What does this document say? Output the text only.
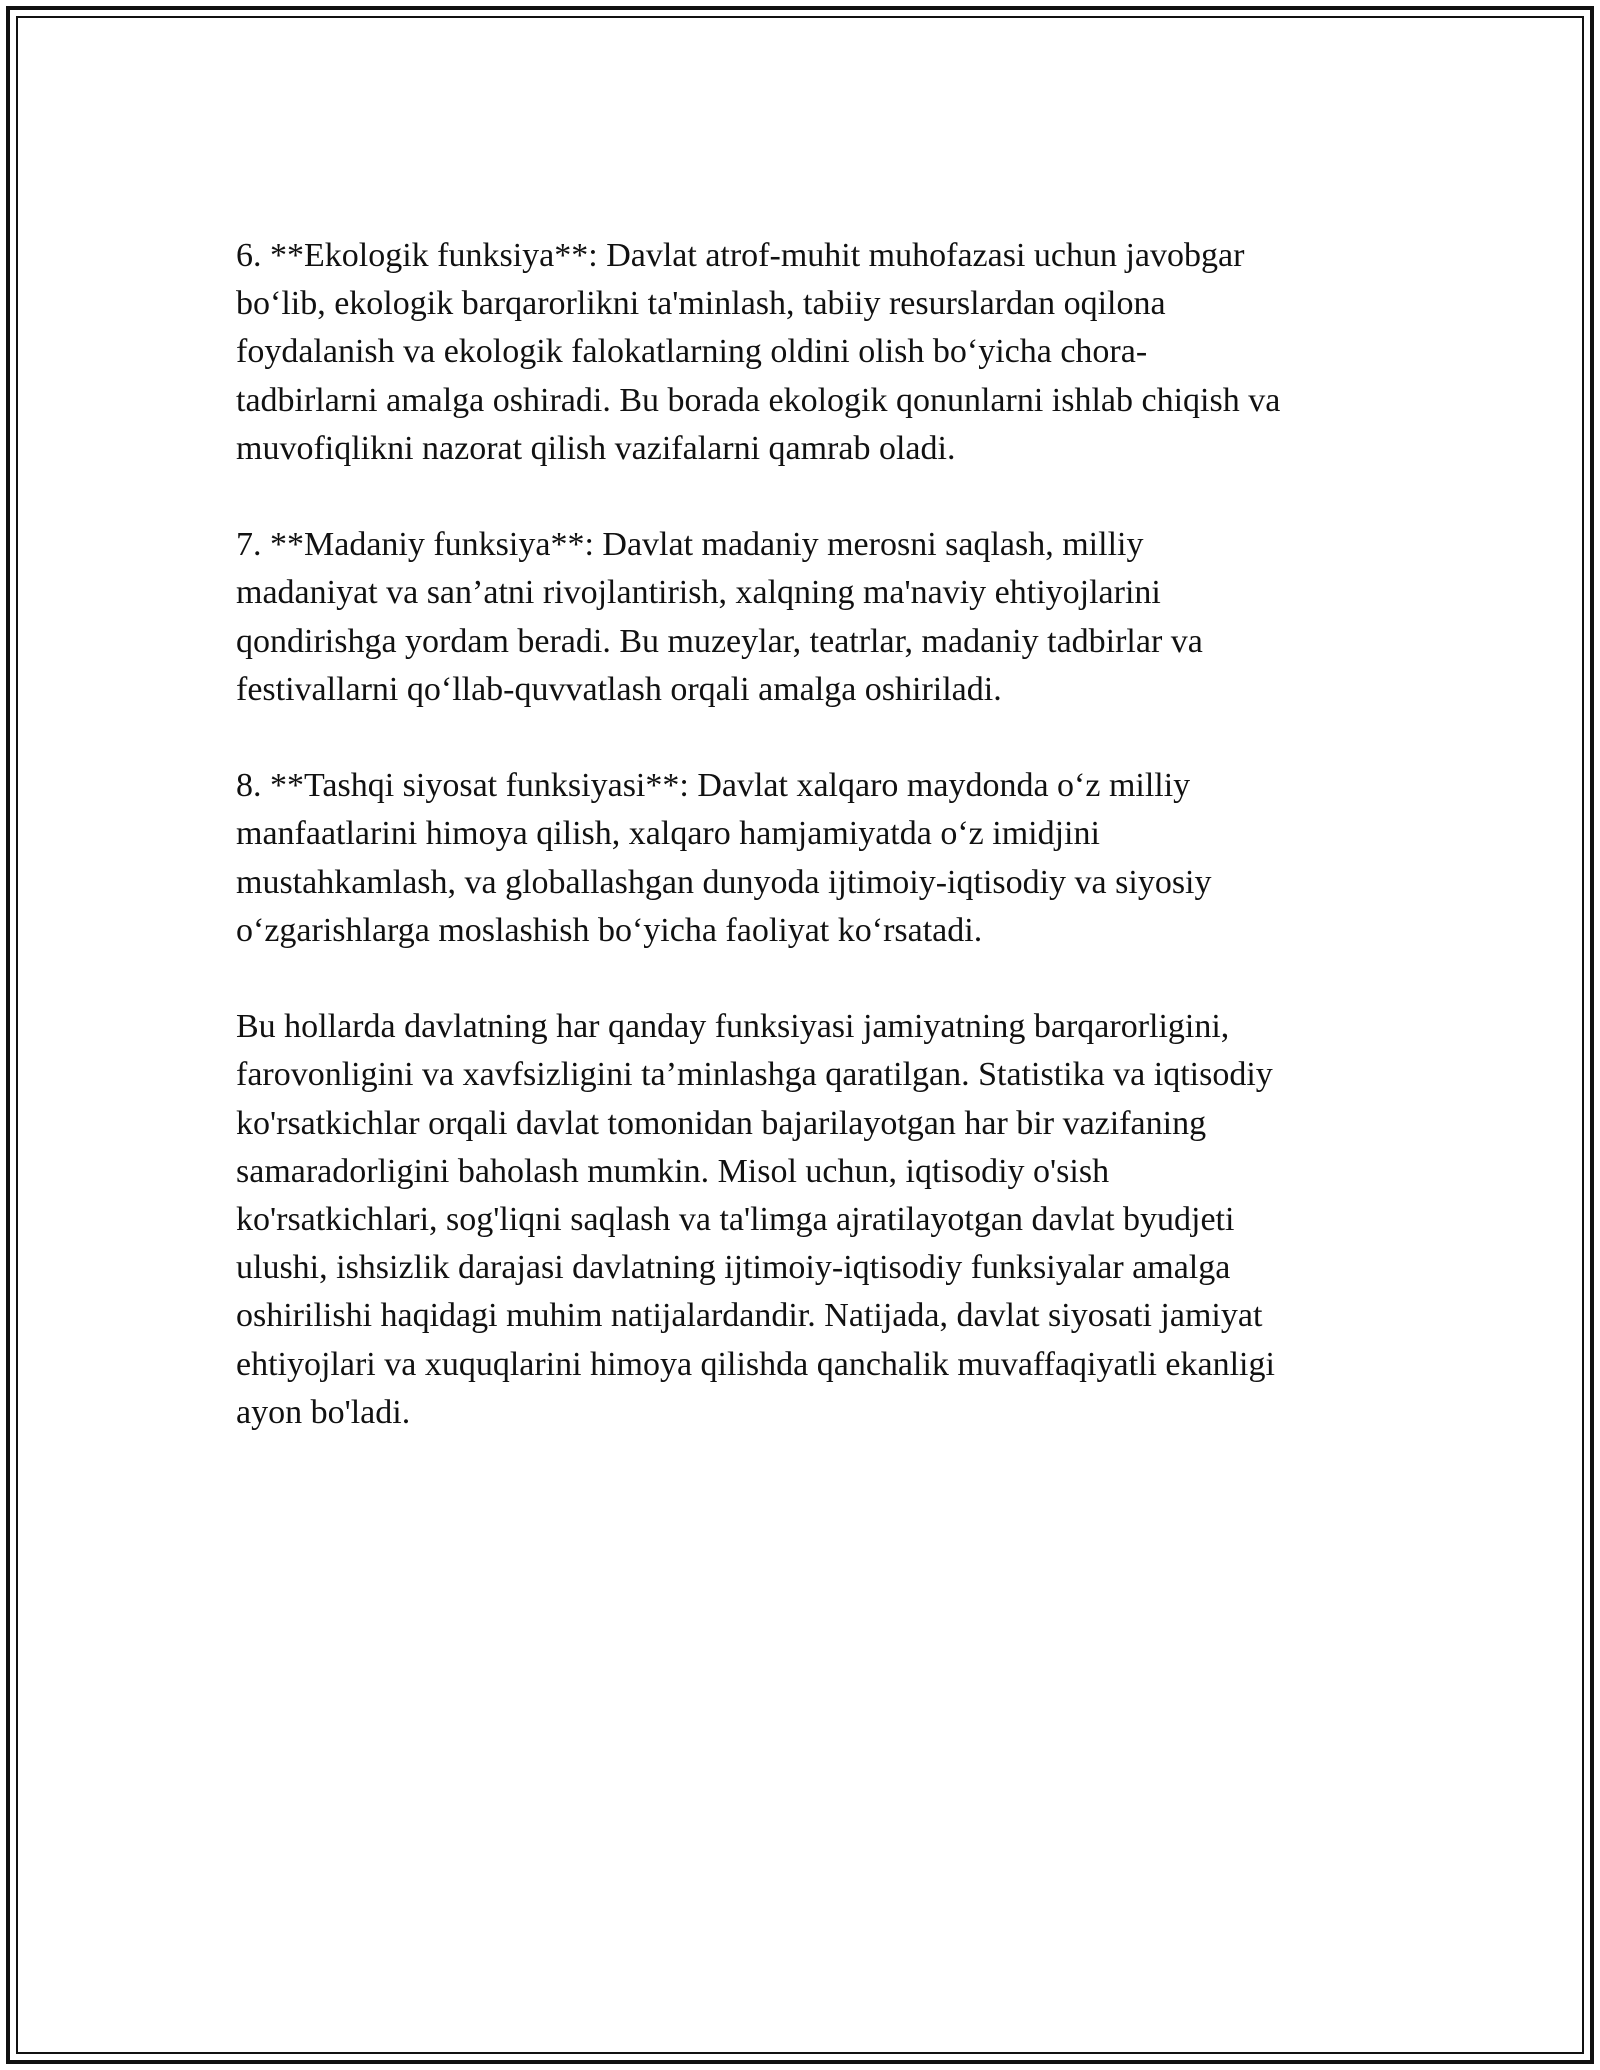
6. **Ekologik funksiya**: Davlat atrof-muhit muhofazasi uchun javobgar
bo‘lib, ekologik barqarorlikni ta'minlash, tabiiy resurslardan oqilona
foydalanish va ekologik falokatlarning oldini olish bo‘yicha chora-
tadbirlarni amalga oshiradi. Bu borada ekologik qonunlarni ishlab chiqish va
muvofiqlikni nazorat qilish vazifalarni qamrab oladi.

7. **Madaniy funksiya**: Davlat madaniy merosni saqlash, milliy
madaniyat va san’atni rivojlantirish, xalqning ma'naviy ehtiyojlarini
qondirishga yordam beradi. Bu muzeylar, teatrlar, madaniy tadbirlar va
festivallarni qo‘llab-quvvatlash orqali amalga oshiriladi.

8. **Tashqi siyosat funksiyasi**: Davlat xalqaro maydonda o‘z milliy
manfaatlarini himoya qilish, xalqaro hamjamiyatda o‘z imidjini
mustahkamlash, va globallashgan dunyoda ijtimoiy-iqtisodiy va siyosiy
o‘zgarishlarga moslashish bo‘yicha faoliyat ko‘rsatadi.

Bu hollarda davlatning har qanday funksiyasi jamiyatning barqarorligini,
farovonligini va xavfsizligini ta’minlashga qaratilgan. Statistika va iqtisodiy
ko'rsatkichlar orqali davlat tomonidan bajarilayotgan har bir vazifaning
samaradorligini baholash mumkin. Misol uchun, iqtisodiy o'sish
ko'rsatkichlari, sog'liqni saqlash va ta'limga ajratilayotgan davlat byudjeti
ulushi, ishsizlik darajasi davlatning ijtimoiy-iqtisodiy funksiyalar amalga
oshirilishi haqidagi muhim natijalardandir. Natijada, davlat siyosati jamiyat
ehtiyojlari va xuquqlarini himoya qilishda qanchalik muvaffaqiyatli ekanligi
ayon bo'ladi.
